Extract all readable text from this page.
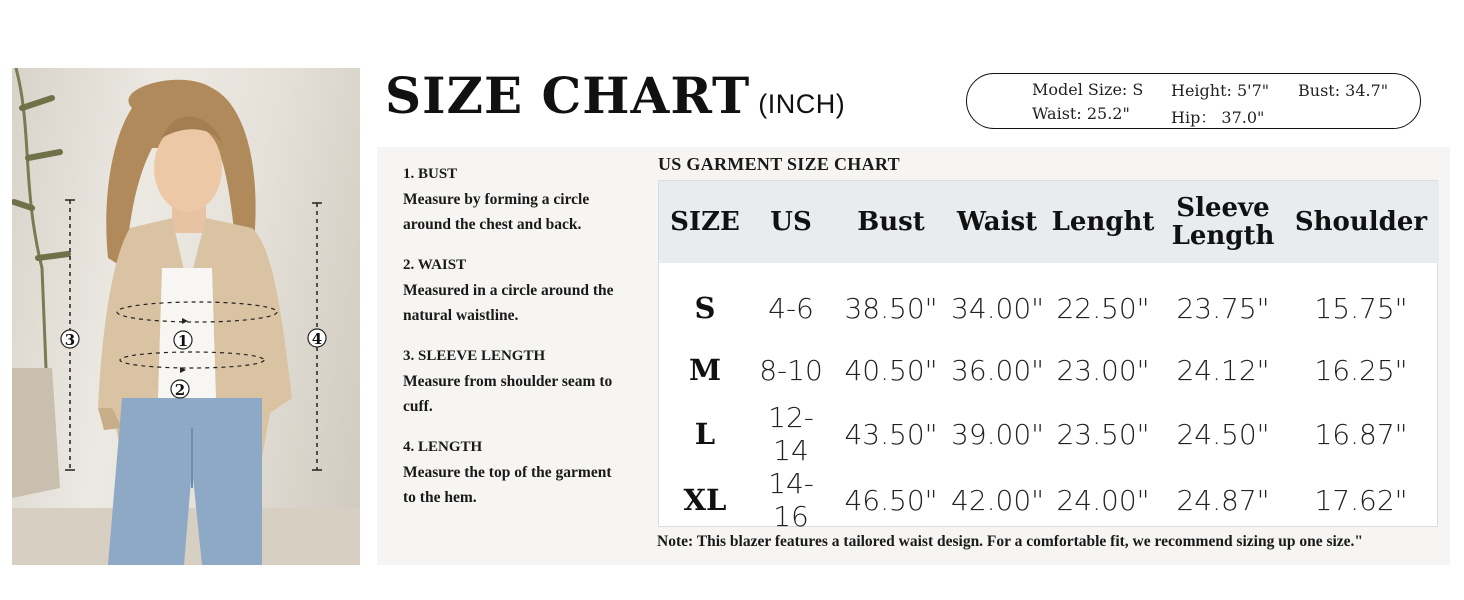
3	1
2
4
SIZE CHART (INCH)	Model Size: S Height: 5'7" Bust: 34.7"
Waist: 25.2"	Hip： 37.0"

1. BUST

Measure by forming a circle

around the chest and back.

2. WAIST

Measured in a circle around the

natural waistline.

3. SLEEVE LENGTH

Measure from shoulder seam to

cuff.

4. LENGTH

Measure the top of the garment

to the hem.

US GARMENT SIZE CHART
SIZE	US	Bust	Waist	Lenght	Sleeve Length	Shoulder
S	4-6	38.50"	34.00"	22.50"	23.75"	15.75"
M	8-10	40.50"	36.00"	23.00"	24.12"	16.25"
L	12-14	43.50"	39.00"	23.50"	24.50"	16.87"
XL	14-16	46.50"	42.00"	24.00"	24.87"	17.62"

Note: This blazer features a tailored waist design. For a comfortable fit, we recommend sizing up one size."
